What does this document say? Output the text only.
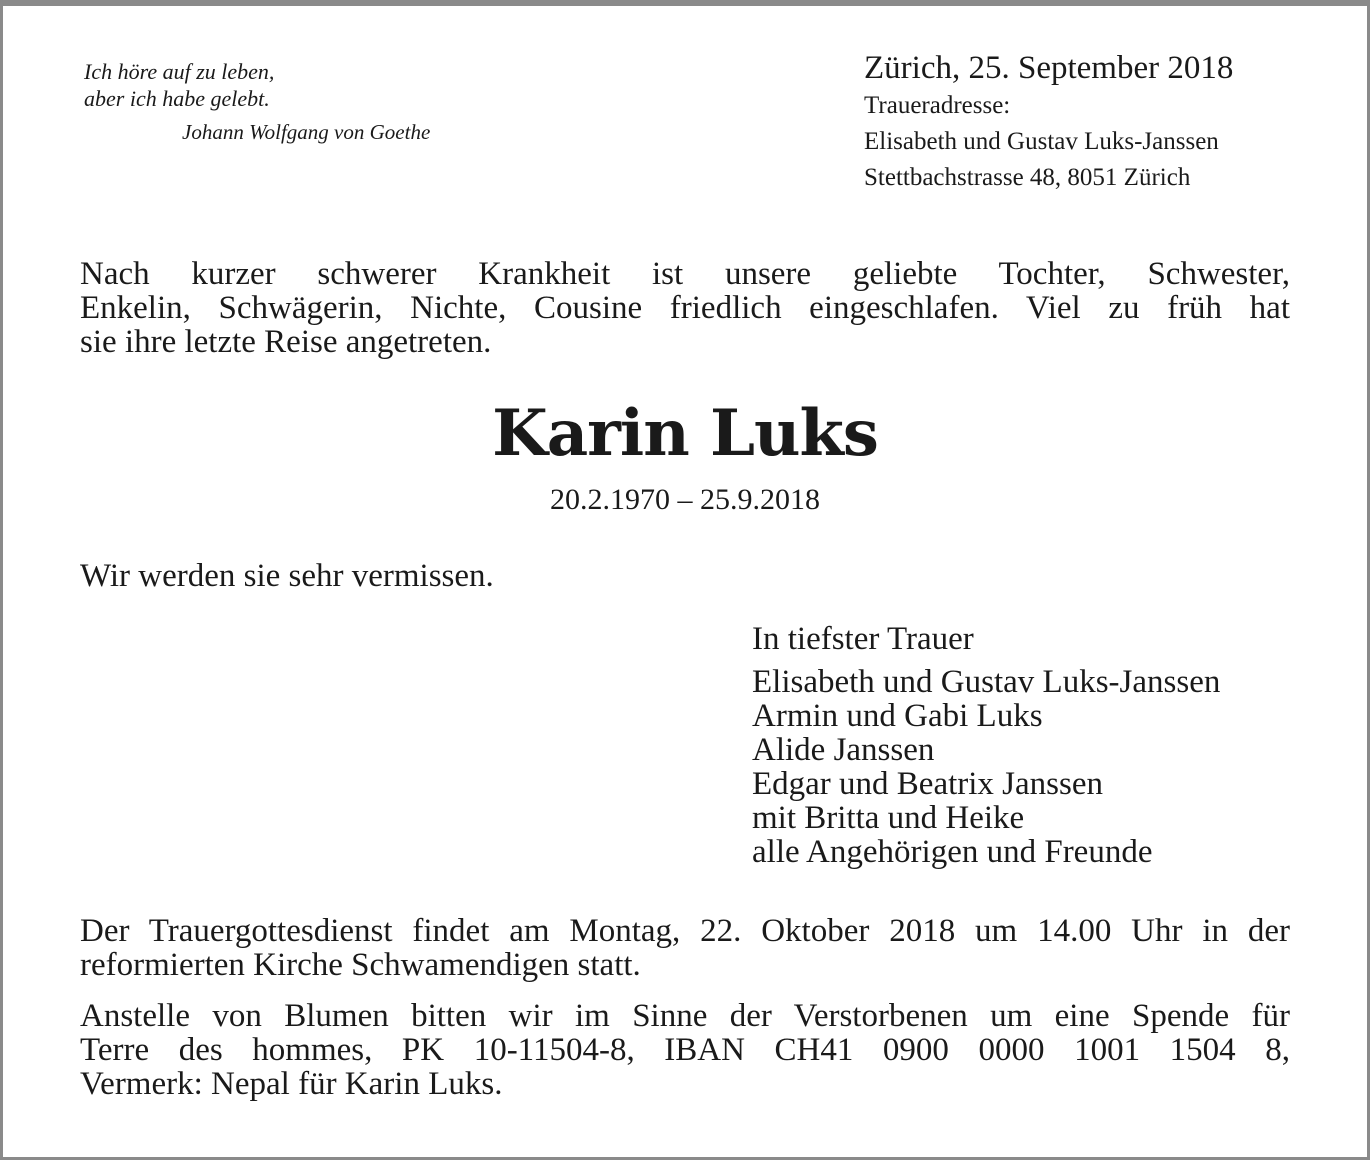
Ich höre auf zu leben,
aber ich habe gelebt.
Johann Wolfgang von Goethe
Zürich, 25. September 2018
Traueradresse:
Elisabeth und Gustav Luks-Janssen
Stettbachstrasse 48, 8051 Zürich
Nach kurzer schwerer Krankheit ist unsere geliebte Tochter, Schwester,
Enkelin, Schwägerin, Nichte, Cousine friedlich eingeschlafen. Viel zu früh hat
sie ihre letzte Reise angetreten.
Karin Luks
20.2.1970 – 25.9.2018
Wir werden sie sehr vermissen.
In tiefster Trauer
Elisabeth und Gustav Luks-Janssen
Armin und Gabi Luks
Alide Janssen
Edgar und Beatrix Janssen
mit Britta und Heike
alle Angehörigen und Freunde
Der Trauergottesdienst findet am Montag, 22. Oktober 2018 um 14.00 Uhr in der
reformierten Kirche Schwamendigen statt.
Anstelle von Blumen bitten wir im Sinne der Verstorbenen um eine Spende für
Terre des hommes, PK 10-11504-8, IBAN CH41 0900 0000 1001 1504 8,
Vermerk: Nepal für Karin Luks.
